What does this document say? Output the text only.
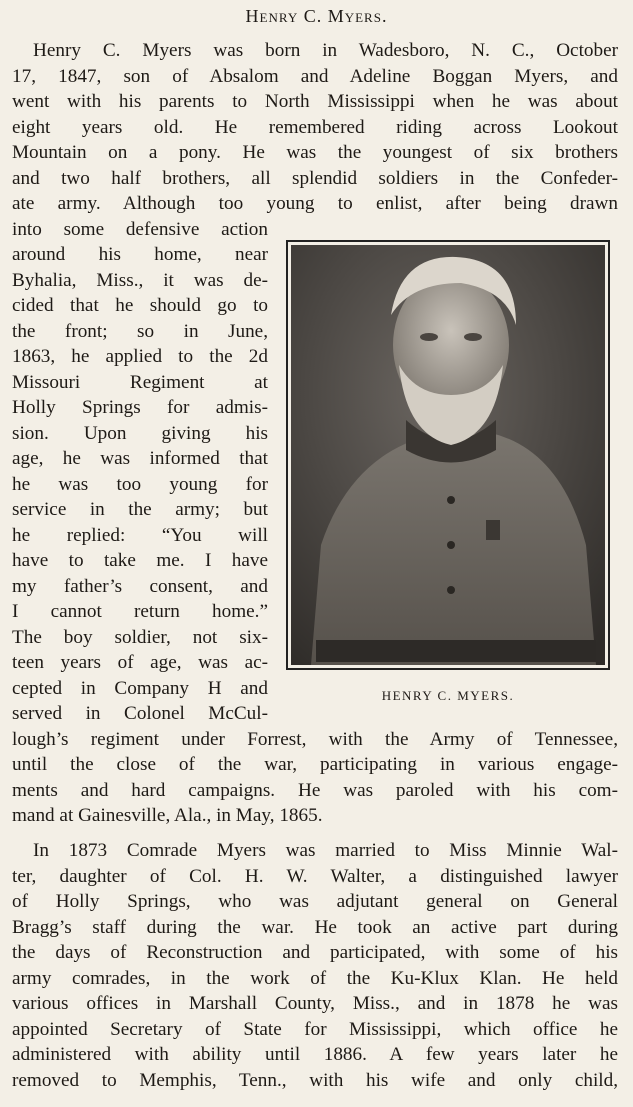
Henry C. Myers.
Henry C. Myers was born in Wadesboro, N. C., October
17, 1847, son of Absalom and Adeline Boggan Myers, and
went with his parents to North Mississippi when he was about
eight years old. He remembered riding across Lookout
Mountain on a pony. He was the youngest of six brothers
and two half brothers, all splendid soldiers in the Confeder-
ate army. Although too young to enlist, after being drawn
into some defensive action
around his home, near
Byhalia, Miss., it was de-
cided that he should go to
the front; so in June,
1863, he applied to the 2d
Missouri Regiment at
Holly Springs for admis-
sion. Upon giving his
age, he was informed that
he was too young for
service in the army; but
he replied: “You will
have to take me. I have
my father’s consent, and
I cannot return home.”
The boy soldier, not six-
teen years of age, was ac-
cepted in Company H and
served in Colonel McCul-
lough’s regiment under Forrest, with the Army of Tennessee,
until the close of the war, participating in various engage-
ments and hard campaigns. He was paroled with his com-
mand at Gainesville, Ala., in May, 1865.
In 1873 Comrade Myers was married to Miss Minnie Wal-
ter, daughter of Col. H. W. Walter, a distinguished lawyer
of Holly Springs, who was adjutant general on General
Bragg’s staff during the war. He took an active part during
the days of Reconstruction and participated, with some of his
army comrades, in the work of the Ku-Klux Klan. He held
various offices in Marshall County, Miss., and in 1878 he was
appointed Secretary of State for Mississippi, which office he
administered with ability until 1886. A few years later he
removed to Memphis, Tenn., with his wife and only child,
HENRY C. MYERS.
